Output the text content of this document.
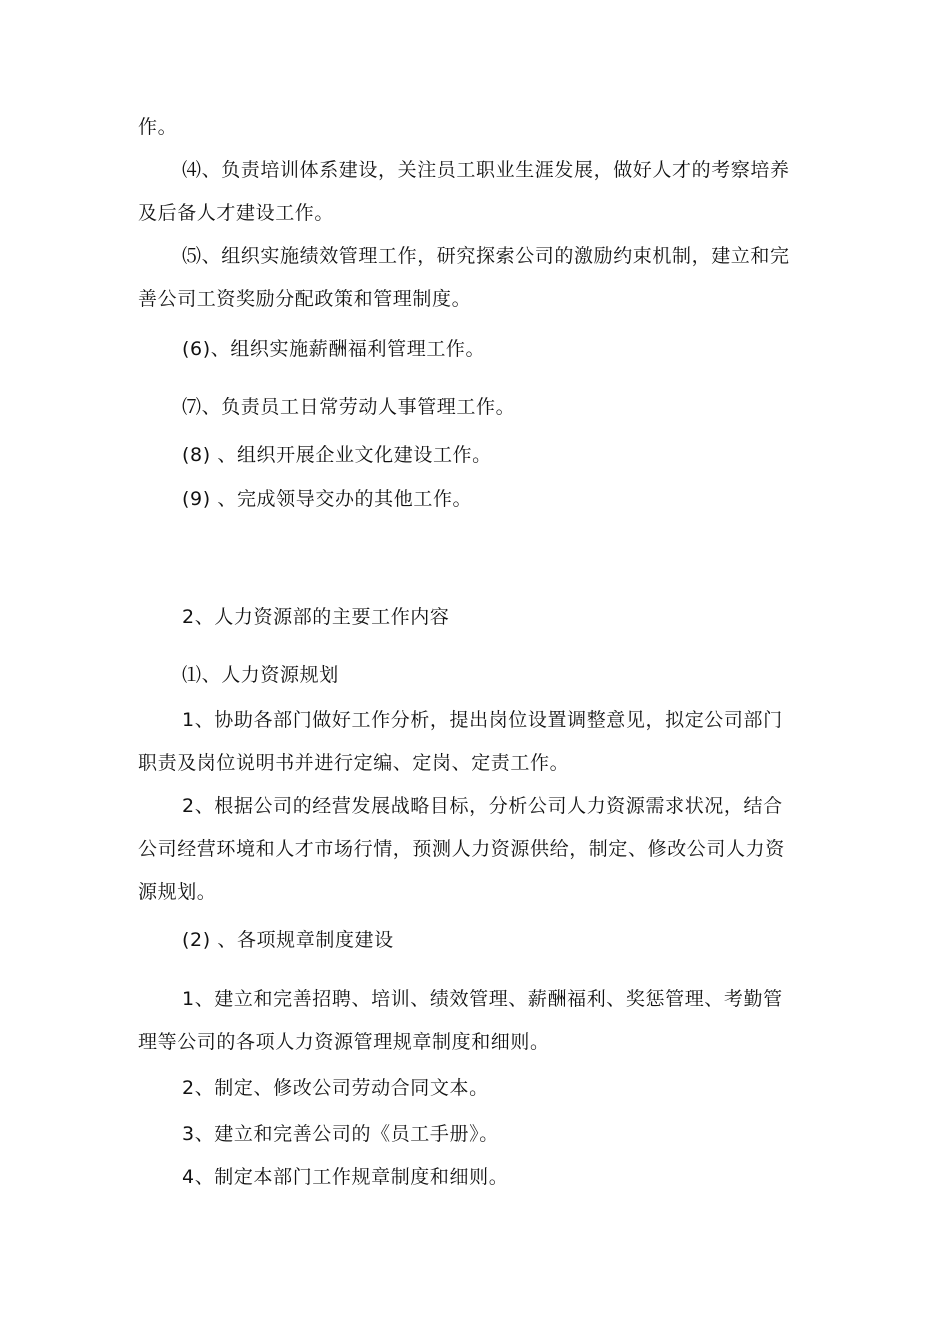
作。
⑷、负责培训体系建设，关注员工职业生涯发展，做好人才的考察培养
及后备人才建设工作。
⑸、组织实施绩效管理工作，研究探索公司的激励约束机制，建立和完
善公司工资奖励分配政策和管理制度。
(6)、组织实施薪酬福利管理工作。
⑺、负责员工日常劳动人事管理工作。
(8) 、组织开展企业文化建设工作。
(9) 、完成领导交办的其他工作。
2、人力资源部的主要工作内容
⑴、人力资源规划
1、协助各部门做好工作分析，提出岗位设置调整意见，拟定公司部门
职责及岗位说明书并进行定编、定岗、定责工作。
2、根据公司的经营发展战略目标，分析公司人力资源需求状况，结合
公司经营环境和人才市场行情，预测人力资源供给，制定、修改公司人力资
源规划。
(2) 、各项规章制度建设
1、建立和完善招聘、培训、绩效管理、薪酬福利、奖惩管理、考勤管
理等公司的各项人力资源管理规章制度和细则。
2、制定、修改公司劳动合同文本。
3、建立和完善公司的《员工手册》。
4、制定本部门工作规章制度和细则。
